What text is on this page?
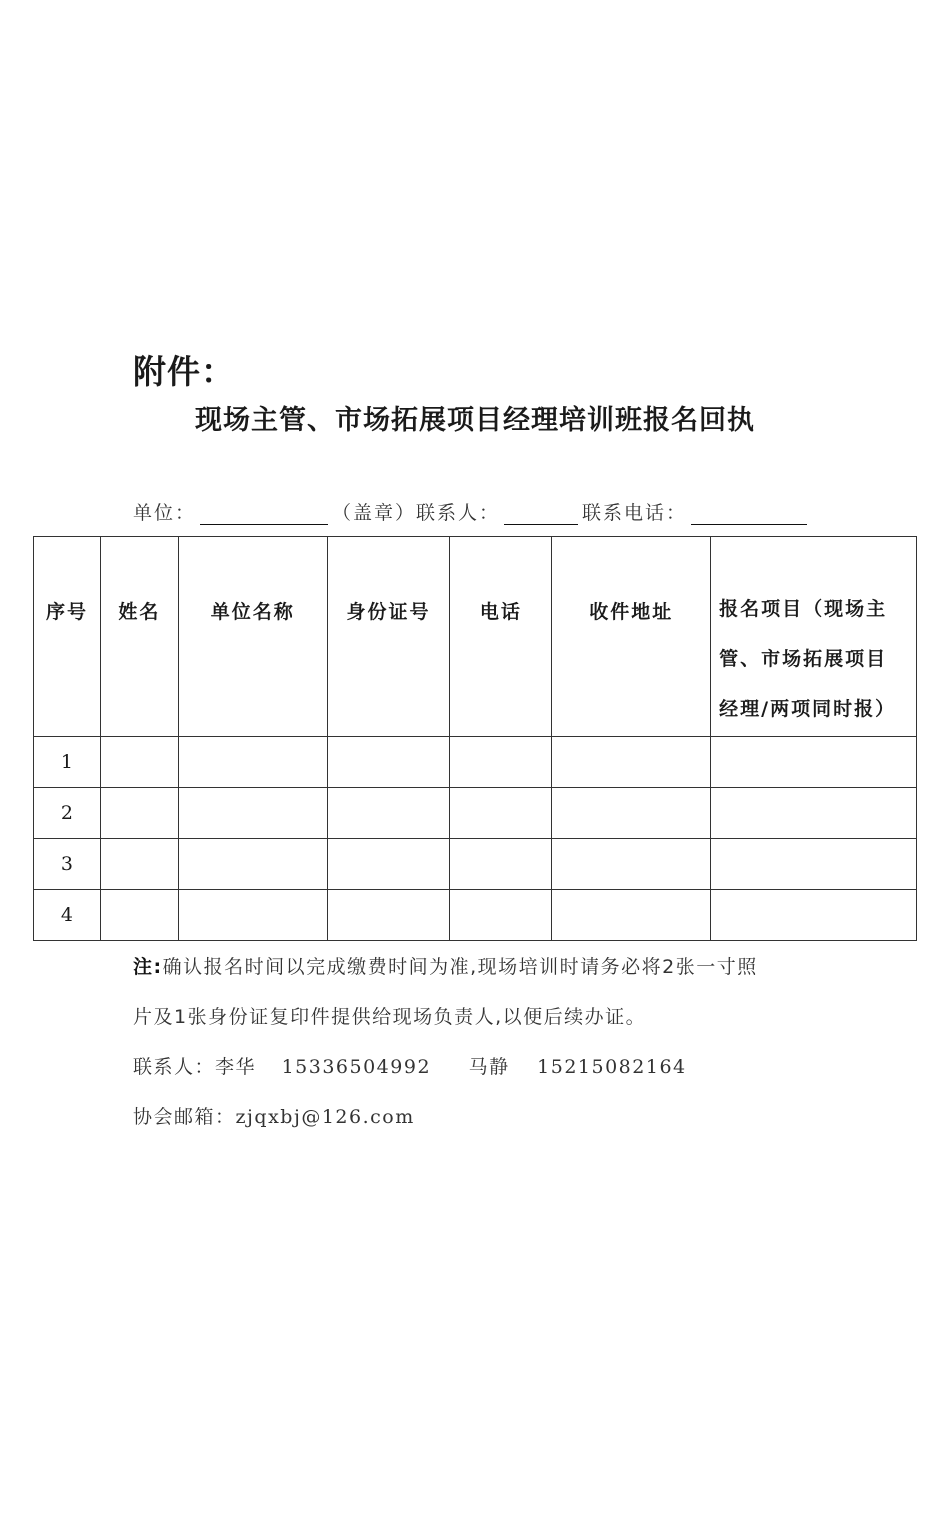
附件：
现场主管、市场拓展项目经理培训班报名回执
单位：	（盖章）联系人：	联系电话：
序号	姓名	单位名称	身份证号	电话	收件地址	报名项目（现场主管、市场拓展项目经理/两项同时报）
1						
2						
3						
4						
注:确认报名时间以完成缴费时间为准,现场培训时请务必将2张一寸照
片及1张身份证复印件提供给现场负责人,以便后续办证。
联系人：李华 15336504992 马静 15215082164
协会邮箱：zjqxbj@126.com
